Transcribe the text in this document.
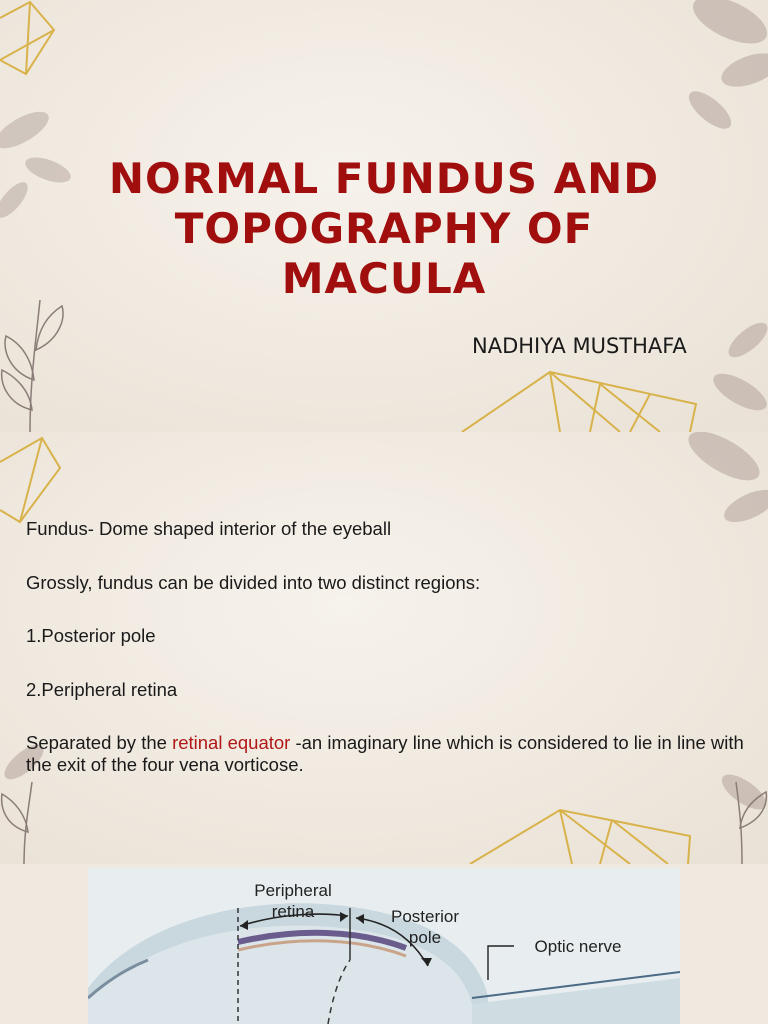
NORMAL FUNDUS AND
TOPOGRAPHY OF
MACULA
NADHIYA MUSTHAFA

Fundus- Dome shaped interior of the eyeball

Grossly, fundus can be divided into two distinct regions:

1.Posterior pole

2.Peripheral retina

Separated by the retinal equator -an imaginary line which is considered to lie in line with the exit of the four vena vorticose.

Peripheral
retina	Posterior
pole	Optic nerve
